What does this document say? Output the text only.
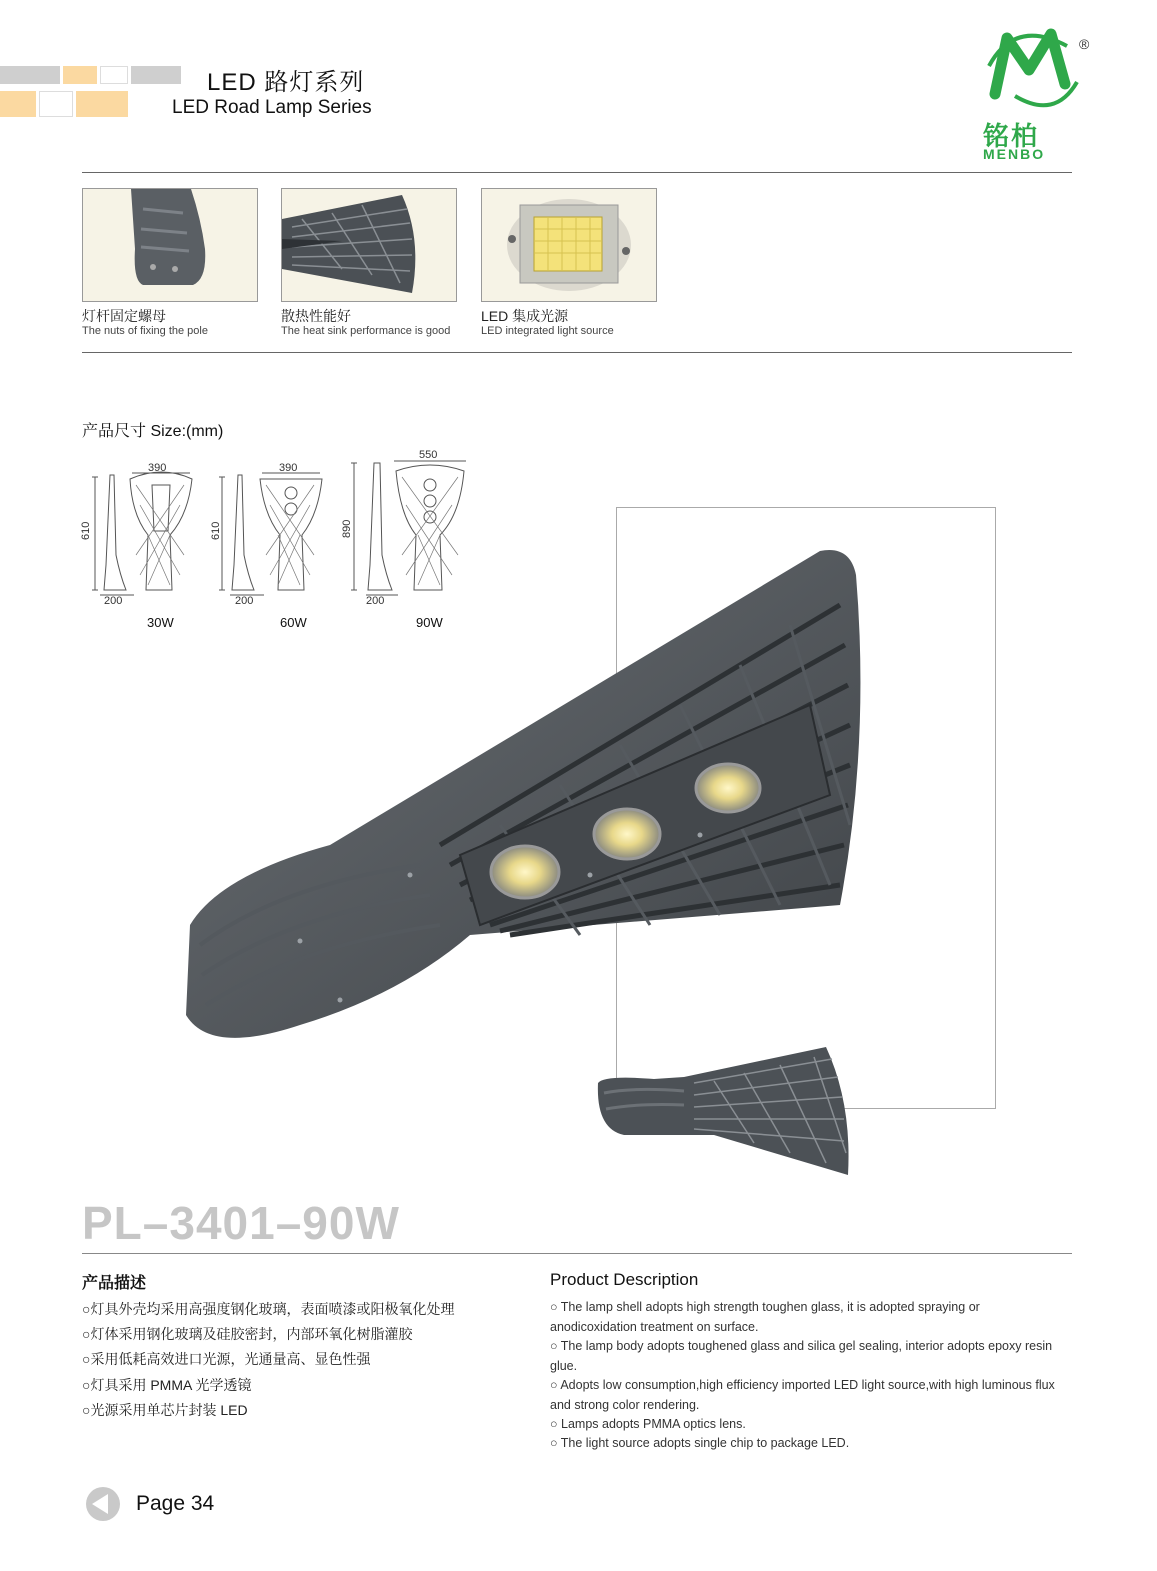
LED 路灯系列
LED Road Lamp Series
®
铭柏
MENBO
灯杆固定螺母
The nuts of fixing the pole
散热性能好
The heat sink performance is good
LED 集成光源
LED integrated light source
产品尺寸 Size:(mm)
390	390
550
610	610	890
200	200	200
30W	60W	90W
PL–3401–90W
产品描述
○灯具外壳均采用高强度钢化玻璃，表面喷漆或阳极氧化处理
○灯体采用钢化玻璃及硅胶密封，内部环氧化树脂灌胶
○采用低耗高效进口光源，光通量高、显色性强
○灯具采用 PMMA 光学透镜
○光源采用单芯片封装 LED
Product Description
○ The lamp shell adopts high strength toughen glass, it is adopted spraying or anodicoxidation treatment on surface.
○ The lamp body adopts toughened glass and silica gel sealing, interior adopts epoxy resin glue.
○ Adopts low consumption,high efficiency imported LED light source,with high luminous flux and strong color rendering.
○ Lamps adopts PMMA optics lens.
○ The light source adopts single chip to package LED.
Page 34
